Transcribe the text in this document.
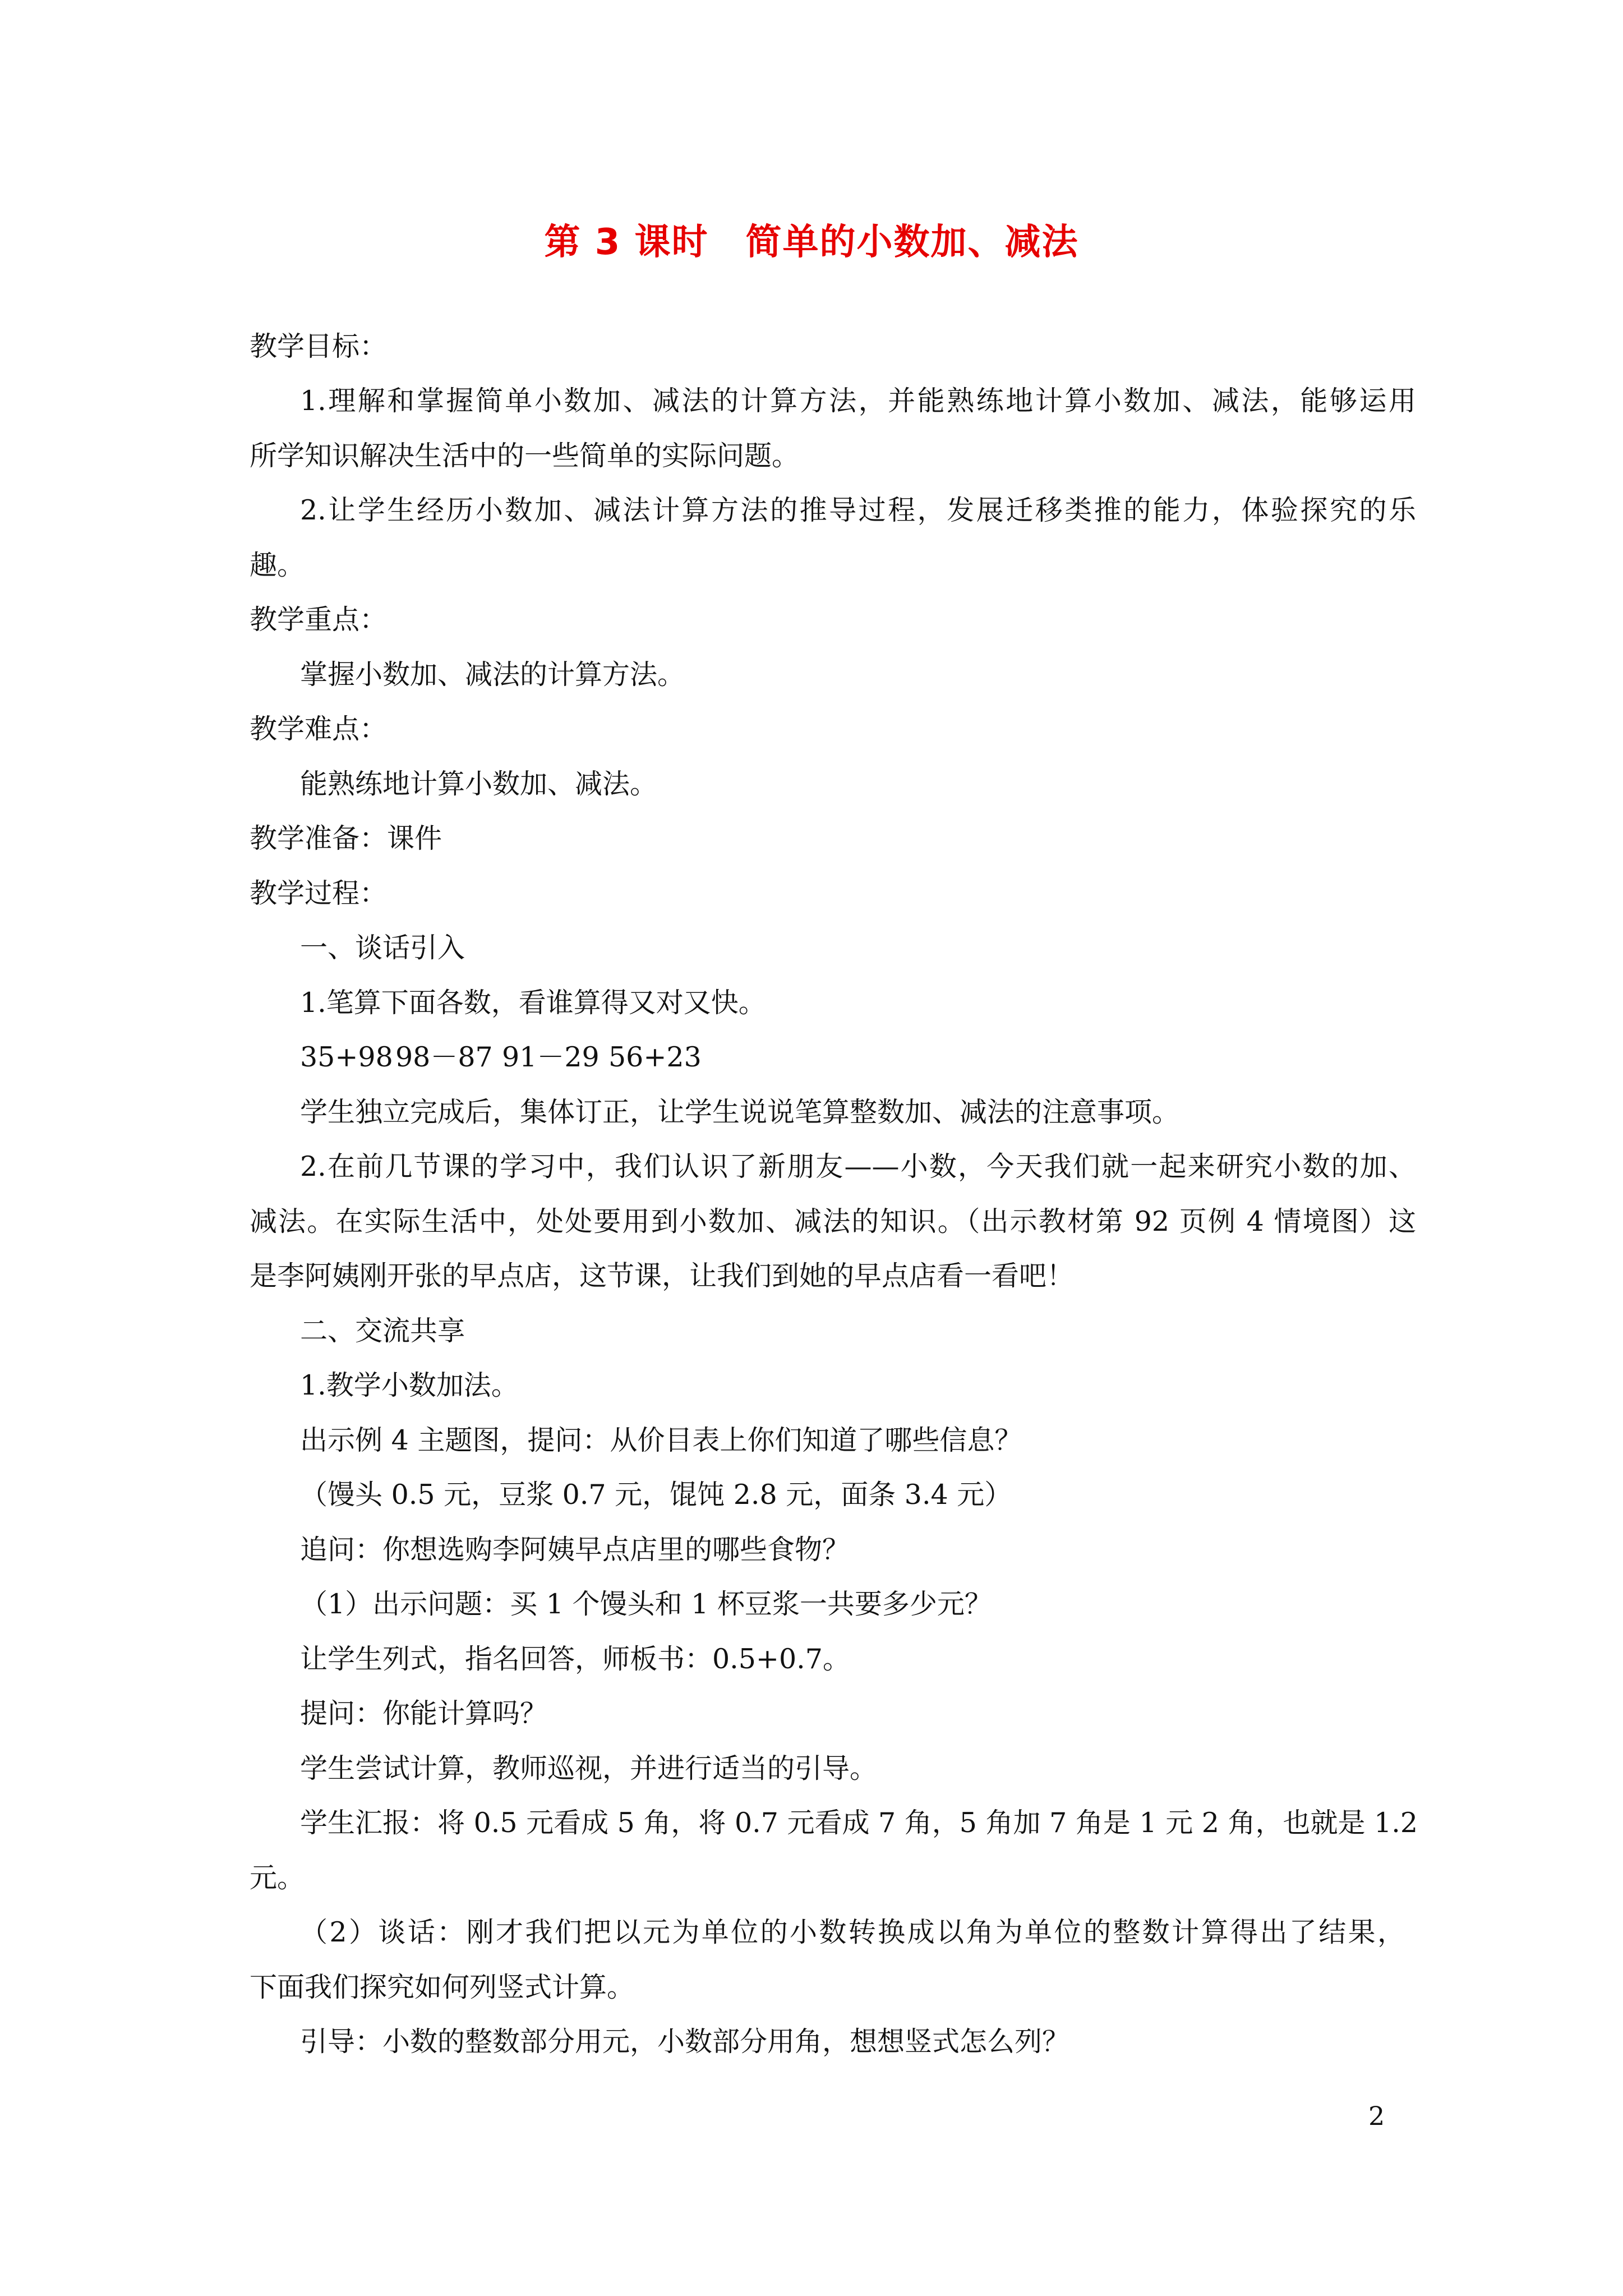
第 3 课时　简单的小数加、减法
教学目标：
1.理解和掌握简单小数加、减法的计算方法，并能熟练地计算小数加、减法，能够运用
所学知识解决生活中的一些简单的实际问题。
2.让学生经历小数加、减法计算方法的推导过程，发展迁移类推的能力，体验探究的乐
趣。
教学重点：
掌握小数加、减法的计算方法。
教学难点：
能熟练地计算小数加、减法。
教学准备：课件
教学过程：
一、谈话引入
1.笔算下面各数，看谁算得又对又快。
35+9898－87 91－29 56+23
学生独立完成后，集体订正，让学生说说笔算整数加、减法的注意事项。
2.在前几节课的学习中，我们认识了新朋友——小数，今天我们就一起来研究小数的加、
减法。在实际生活中，处处要用到小数加、减法的知识。（出示教材第 92 页例 4 情境图）这
是李阿姨刚开张的早点店，这节课，让我们到她的早点店看一看吧！
二、交流共享
1.教学小数加法。
出示例 4 主题图，提问：从价目表上你们知道了哪些信息？
（馒头 0.5 元，豆浆 0.7 元，馄饨 2.8 元，面条 3.4 元）
追问：你想选购李阿姨早点店里的哪些食物？
（1）出示问题：买 1 个馒头和 1 杯豆浆一共要多少元？
让学生列式，指名回答，师板书：0.5+0.7。
提问：你能计算吗？
学生尝试计算，教师巡视，并进行适当的引导。
学生汇报：将 0.5 元看成 5 角，将 0.7 元看成 7 角，5 角加 7 角是 1 元 2 角，也就是 1.2
元。
（2）谈话：刚才我们把以元为单位的小数转换成以角为单位的整数计算得出了结果，
下面我们探究如何列竖式计算。
引导：小数的整数部分用元，小数部分用角，想想竖式怎么列？
2
